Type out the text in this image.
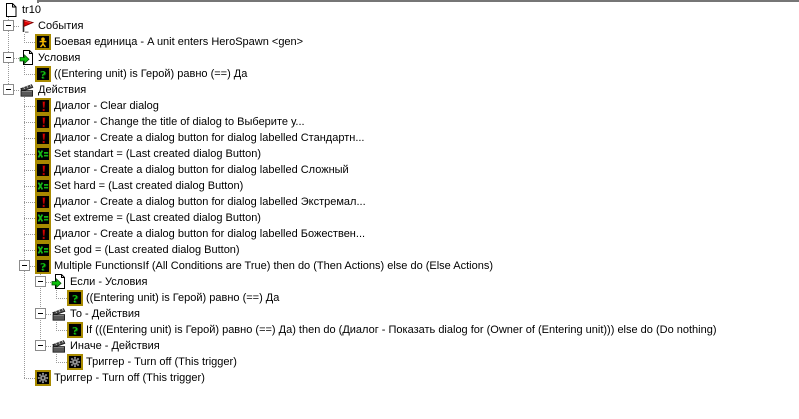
tr10
События
Боевая единица - A unit enters HeroSpawn <gen>
Условия
((Entering unit) is Герой) равно (==) Да
Действия
Диалог - Clear dialog
Диалог - Change the title of dialog to Выберите у...
Диалог - Create a dialog button for dialog labelled Стандартн...
Set standart = (Last created dialog Button)
Диалог - Create a dialog button for dialog labelled Сложный
Set hard = (Last created dialog Button)
Диалог - Create a dialog button for dialog labelled Экстремал...
Set extreme = (Last created dialog Button)
Диалог - Create a dialog button for dialog labelled Божествен...
Set god = (Last created dialog Button)
Multiple FunctionsIf (All Conditions are True) then do (Then Actions) else do (Else Actions)
Если - Условия
((Entering unit) is Герой) равно (==) Да
То - Действия
If (((Entering unit) is Герой) равно (==) Да) then do (Диалог - Показать dialog for (Owner of (Entering unit))) else do (Do nothing)
Иначе - Действия
Триггер - Turn off (This trigger)
Триггер - Turn off (This trigger)
